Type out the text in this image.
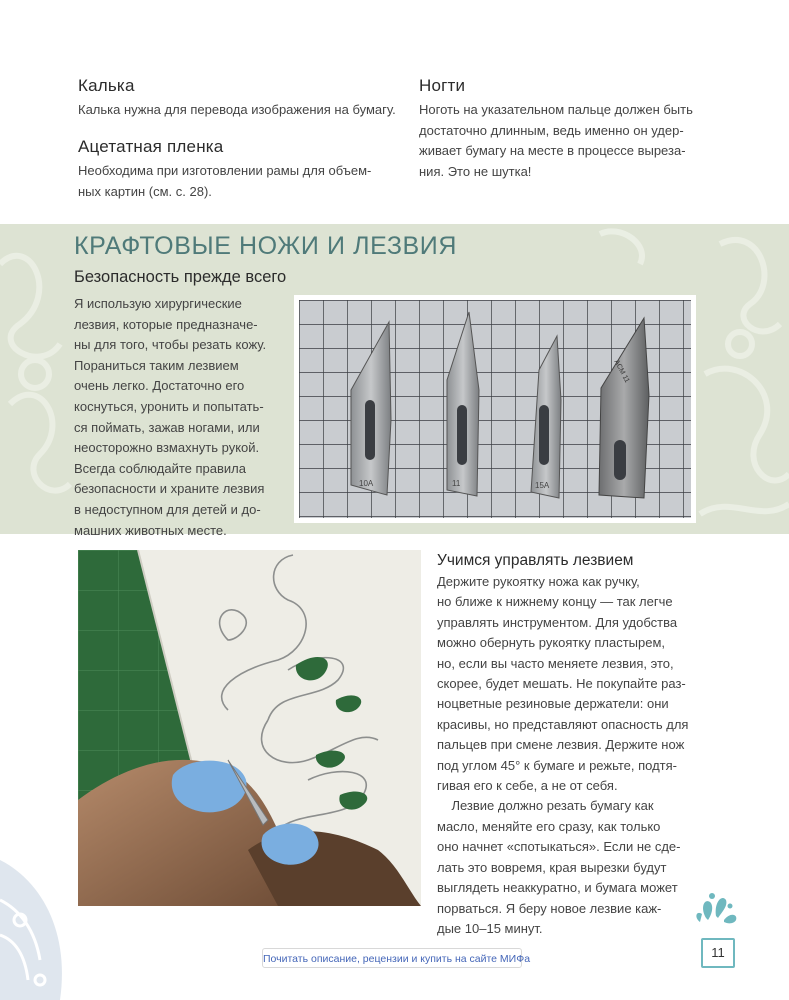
Калька

Калька нужна для перевода изображения на бумагу.

Ацетатная пленка

Необходима при изготовлении рамы для объем-

ных картин (см. с. 28).

Ногти

Ноготь на указательном пальце должен быть

достаточно длинным, ведь именно он удер-

живает бумагу на месте в процессе выреза-

ния. Это не шутка!

КРАФТОВЫЕ НОЖИ И ЛЕЗВИЯ
Безопасность прежде всего
Я использую хирургические
лезвия, которые предназначе-
ны для того, чтобы резать кожу.
Пораниться таким лезвием
очень легко. Достаточно его
коснуться, уронить и попытать-
ся поймать, зажав ногами, или
неосторожно взмахнуть рукой.
Всегда соблюдайте правила
безопасности и храните лезвия
в недоступном для детей и до-
машних животных месте.
10A	11	15A
ACM 11
Учимся управлять лезвием
Держите рукоятку ножа как ручку,
но ближе к нижнему концу — так легче
управлять инструментом. Для удобства
можно обернуть рукоятку пластырем,
но, если вы часто меняете лезвия, это,
скорее, будет мешать. Не покупайте раз-
ноцветные резиновые держатели: они
красивы, но представляют опасность для
пальцев при смене лезвия. Держите нож
под углом 45° к бумаге и режьте, подтя-
гивая его к себе, а не от себя.
Лезвие должно резать бумагу как
масло, меняйте его сразу, как только
оно начнет «спотыкаться». Если не сде-
лать это вовремя, края вырезки будут
выглядеть неаккуратно, и бумага может
порваться. Я беру новое лезвие каж-
дые 10–15 минут.
Почитать описание, рецензии и купить на сайте МИФа	11
